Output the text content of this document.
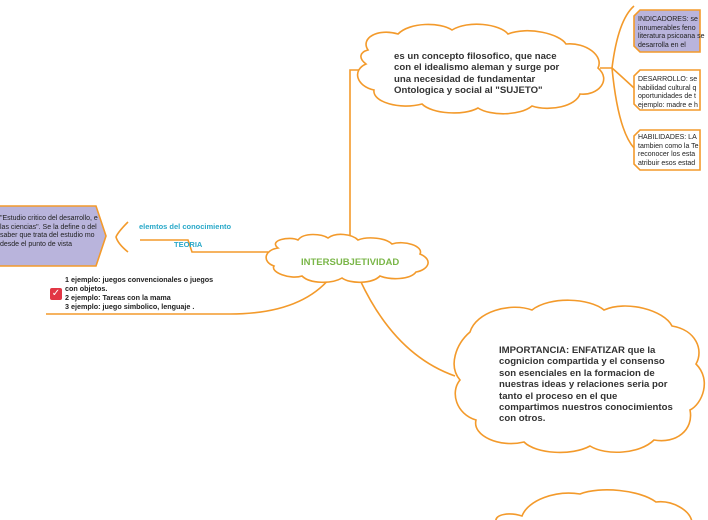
INTERSUBJETIVIDAD
es un concepto filosofico, que nace con el idealismo aleman y surge por una necesidad de fundamentar Ontologica y social al "SUJETO"
INDICADORES: se innumerables feno literatura psicoana se desarrolla en el
DESARROLLO: se habilidad cultural q oportunidades de t ejemplo: madre e h
HABILIDADES: LA tambien como la Te reconocer los esta atribuir esos estad
elemtos del conocimiento
TEORIA
"Estudio critico del desarrollo, e las ciencias". Se la define o del saber que trata del estudio mo desde el punto de vista
✓
1 ejemplo: juegos convencionales o juegos
con objetos.
2 ejemplo: Tareas con la mama
3 ejemplo: juego simbolico, lenguaje .
IMPORTANCIA: ENFATIZAR que la cognicion compartida y el consenso son esenciales en la formacion de nuestras ideas y relaciones seria por tanto el proceso en el que compartimos nuestros conocimientos con otros.
